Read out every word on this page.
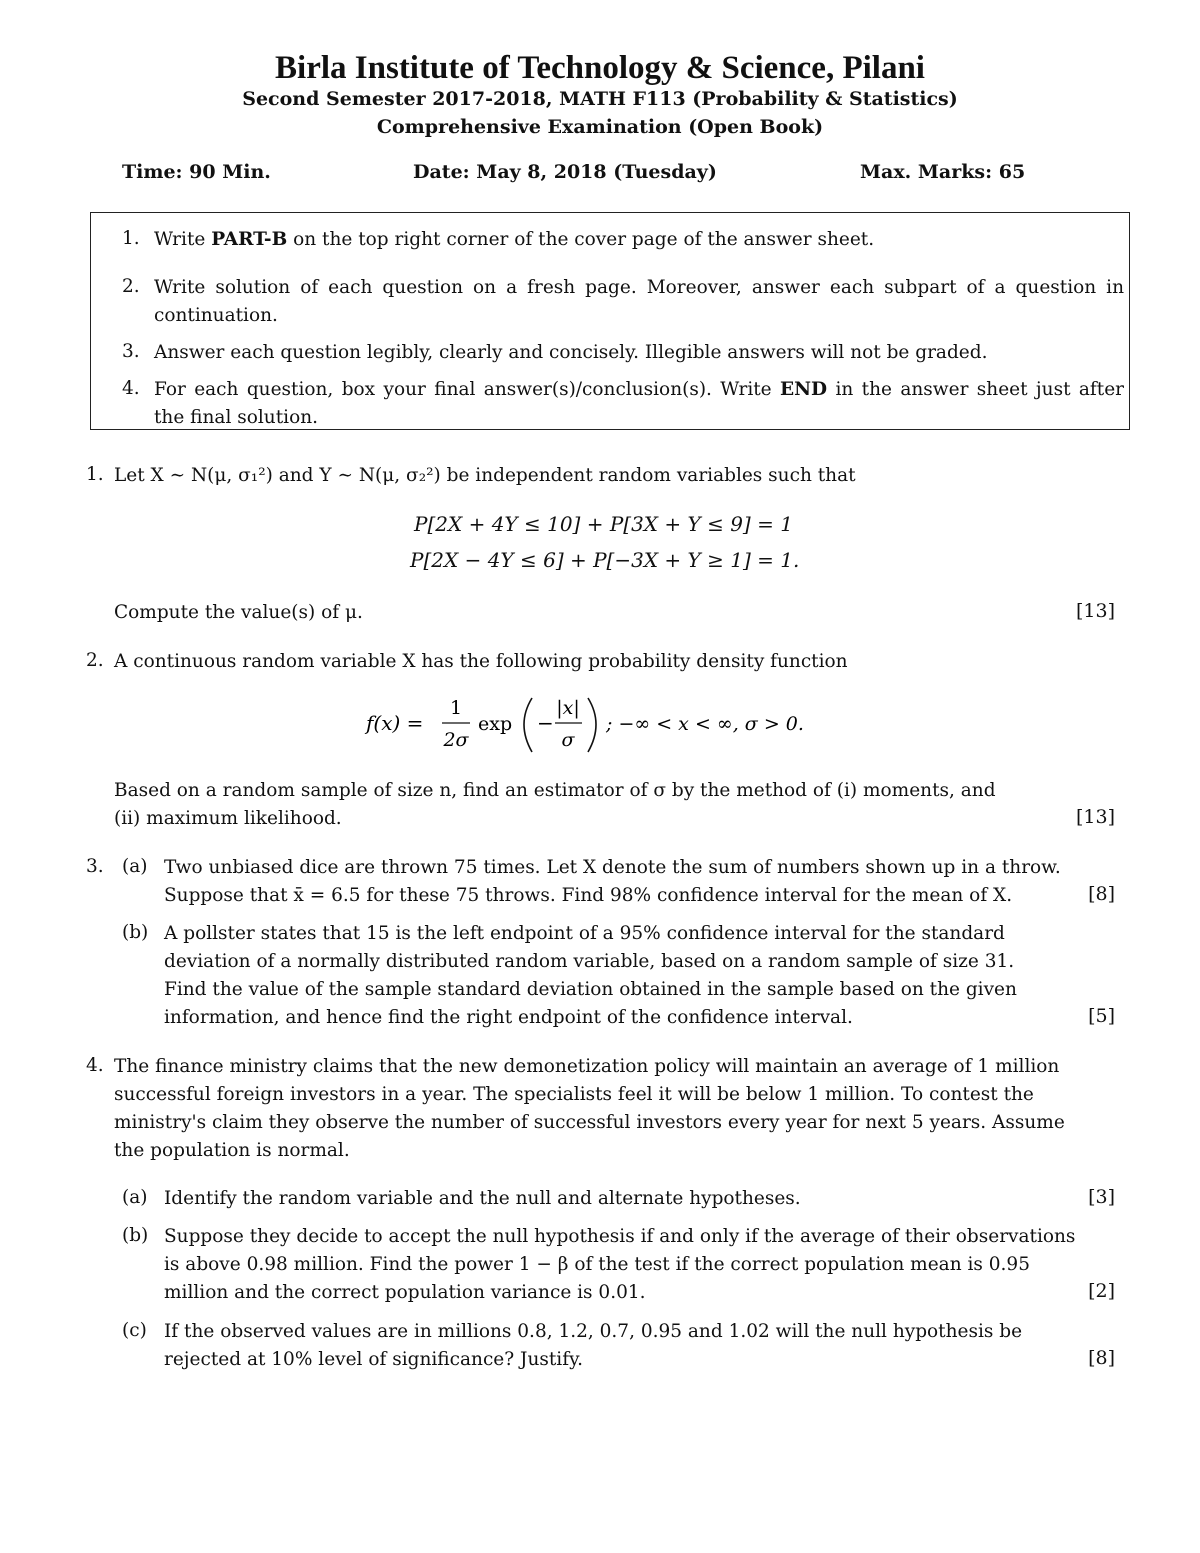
Birla Institute of Technology & Science, Pilani
Second Semester 2017-2018, MATH F113 (Probability & Statistics)
Comprehensive Examination (Open Book)
Time: 90 Min.	Date: May 8, 2018 (Tuesday)	Max. Marks: 65
1. Write PART-B on the top right corner of the cover page of the answer sheet.
2. Write solution of each question on a fresh page. Moreover, answer each subpart of a question in continuation.
3. Answer each question legibly, clearly and concisely. Illegible answers will not be graded.
4. For each question, box your final answer(s)/conclusion(s). Write END in the answer sheet just after the final solution.
1. Let X ∼ N(μ, σ₁²) and Y ∼ N(μ, σ₂²) be independent random variables such that
P[2X + 4Y ≤ 10] + P[3X + Y ≤ 9] = 1
P[2X − 4Y ≤ 6] + P[−3X + Y ≥ 1] = 1.
Compute the value(s) of μ.	[13]
2. A continuous random variable X has the following probability density function
f(x) =
1
2σ
exp −
|x|
σ
; −∞ < x < ∞, σ > 0.
Based on a random sample of size n, find an estimator of σ by the method of (i) moments, and
(ii) maximum likelihood.	[13]
3. (a) Two unbiased dice are thrown 75 times. Let X denote the sum of numbers shown up in a throw.
Suppose that x̄ = 6.5 for these 75 throws. Find 98% confidence interval for the mean of X.	[8]
(b) A pollster states that 15 is the left endpoint of a 95% confidence interval for the standard
deviation of a normally distributed random variable, based on a random sample of size 31.
Find the value of the sample standard deviation obtained in the sample based on the given
information, and hence find the right endpoint of the confidence interval.	[5]
4. The finance ministry claims that the new demonetization policy will maintain an average of 1 million
successful foreign investors in a year. The specialists feel it will be below 1 million. To contest the
ministry's claim they observe the number of successful investors every year for next 5 years. Assume
the population is normal.
(a) Identify the random variable and the null and alternate hypotheses.	[3]
(b) Suppose they decide to accept the null hypothesis if and only if the average of their observations
is above 0.98 million. Find the power 1 − β of the test if the correct population mean is 0.95
million and the correct population variance is 0.01.	[2]
(c) If the observed values are in millions 0.8, 1.2, 0.7, 0.95 and 1.02 will the null hypothesis be
rejected at 10% level of significance? Justify.	[8]
